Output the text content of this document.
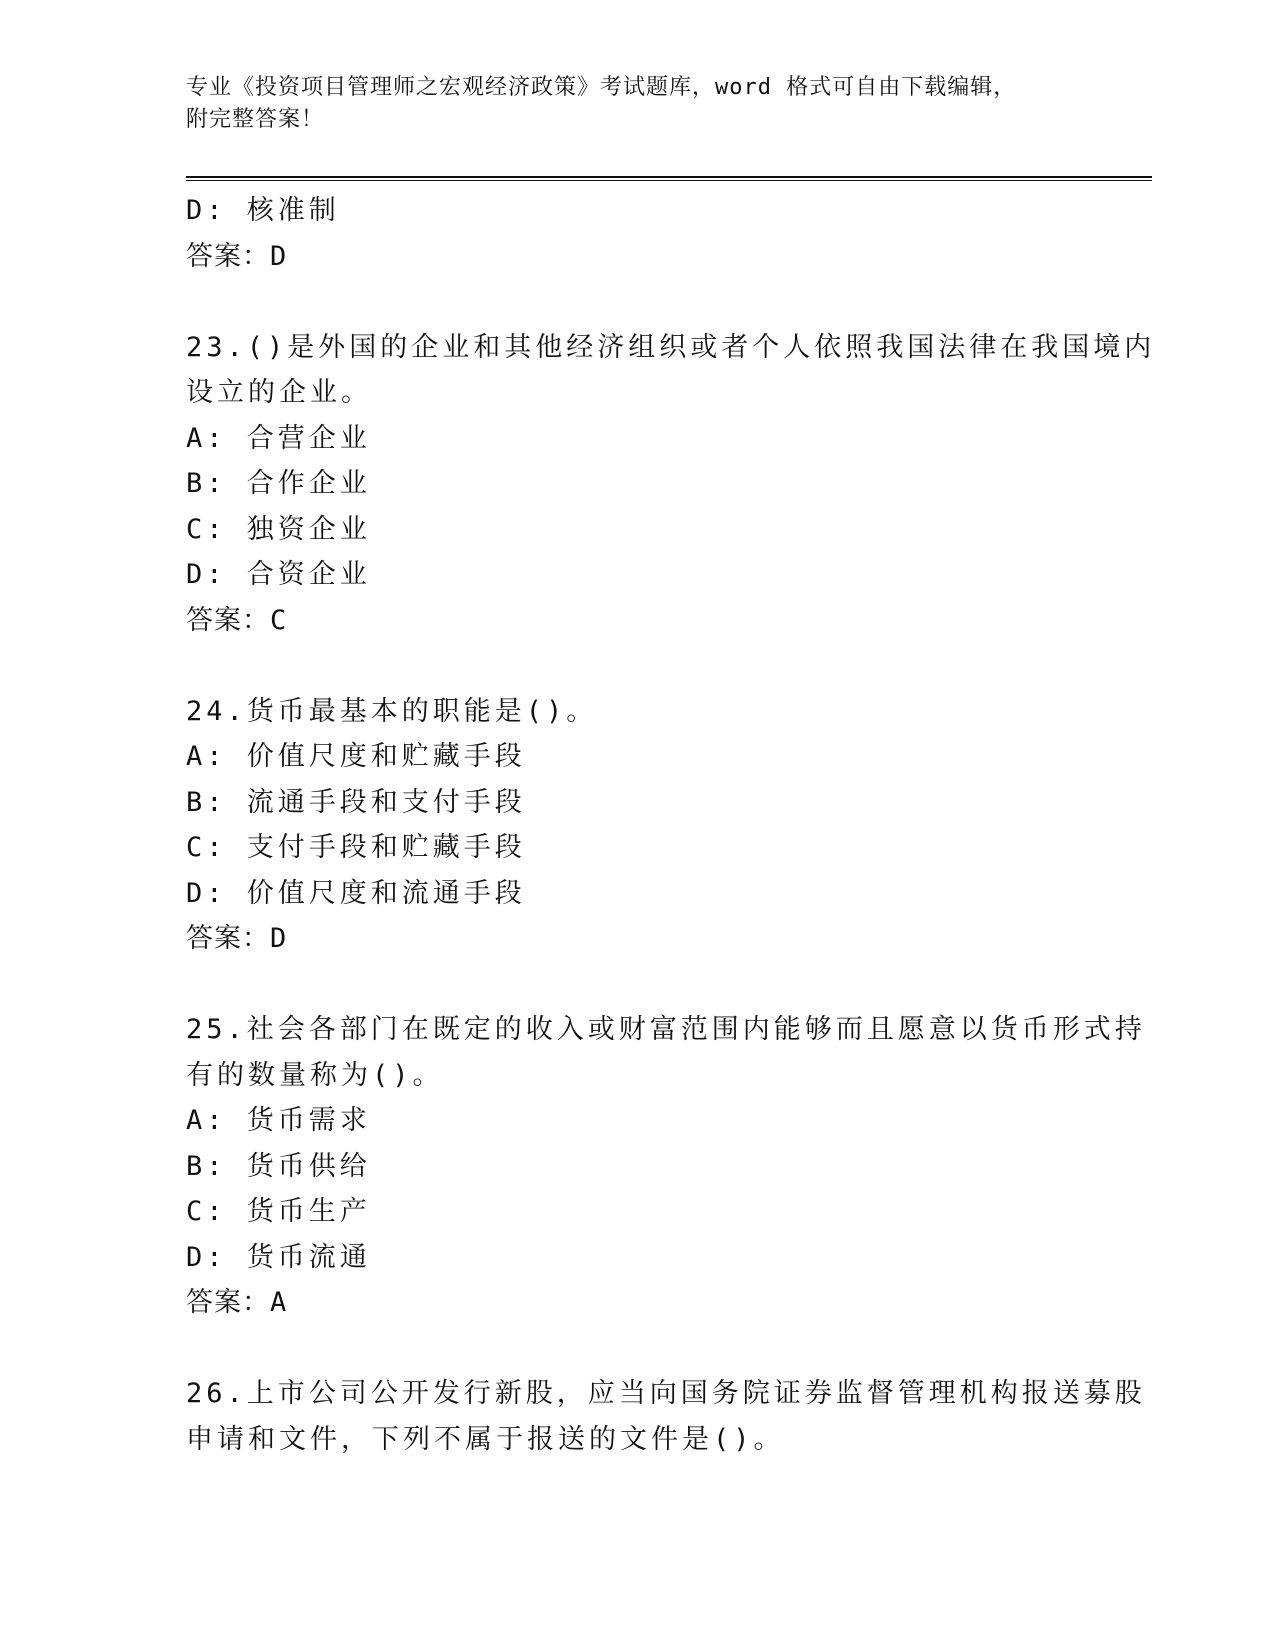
专业《投资项目管理师之宏观经济政策》考试题库，word 格式可自由下载编辑，
附完整答案！
D: 核准制
答案：D
23.()是外国的企业和其他经济组织或者个人依照我国法律在我国境内
设立的企业。
A: 合营企业
B: 合作企业
C: 独资企业
D: 合资企业
答案：C
24.货币最基本的职能是()。
A: 价值尺度和贮藏手段
B: 流通手段和支付手段
C: 支付手段和贮藏手段
D: 价值尺度和流通手段
答案：D
25.社会各部门在既定的收入或财富范围内能够而且愿意以货币形式持
有的数量称为()。
A: 货币需求
B: 货币供给
C: 货币生产
D: 货币流通
答案：A
26.上市公司公开发行新股，应当向国务院证券监督管理机构报送募股
申请和文件，下列不属于报送的文件是()。
